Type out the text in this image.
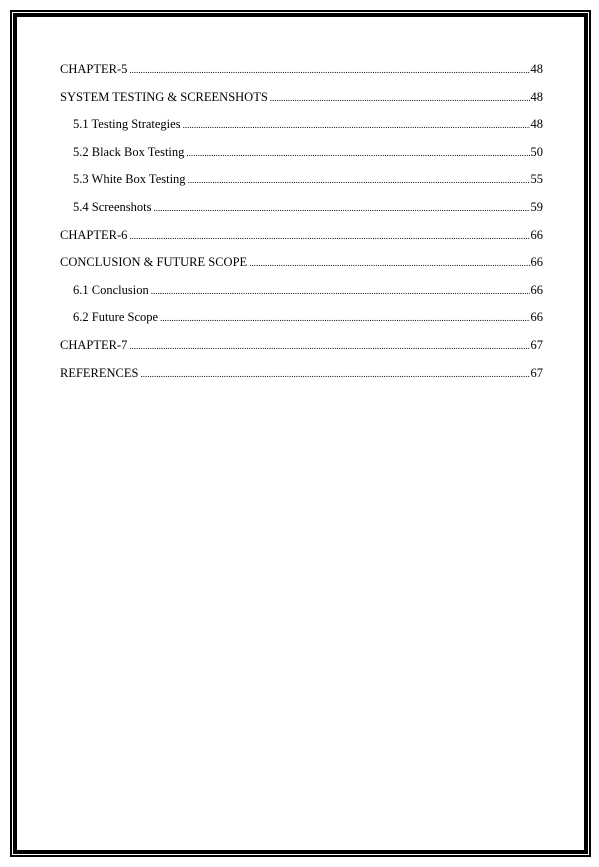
CHAPTER-5 .....	48
SYSTEM TESTING & SCREENSHOTS .....	48
5.1 Testing Strategies .....	48
5.2 Black Box Testing .....	50
5.3 White Box Testing .....	55
5.4 Screenshots .....	59
CHAPTER-6 .....	66
CONCLUSION & FUTURE SCOPE .....	66
6.1 Conclusion .....	66
6.2 Future Scope .....	66
CHAPTER-7 .....	67
REFERENCES .....	67
